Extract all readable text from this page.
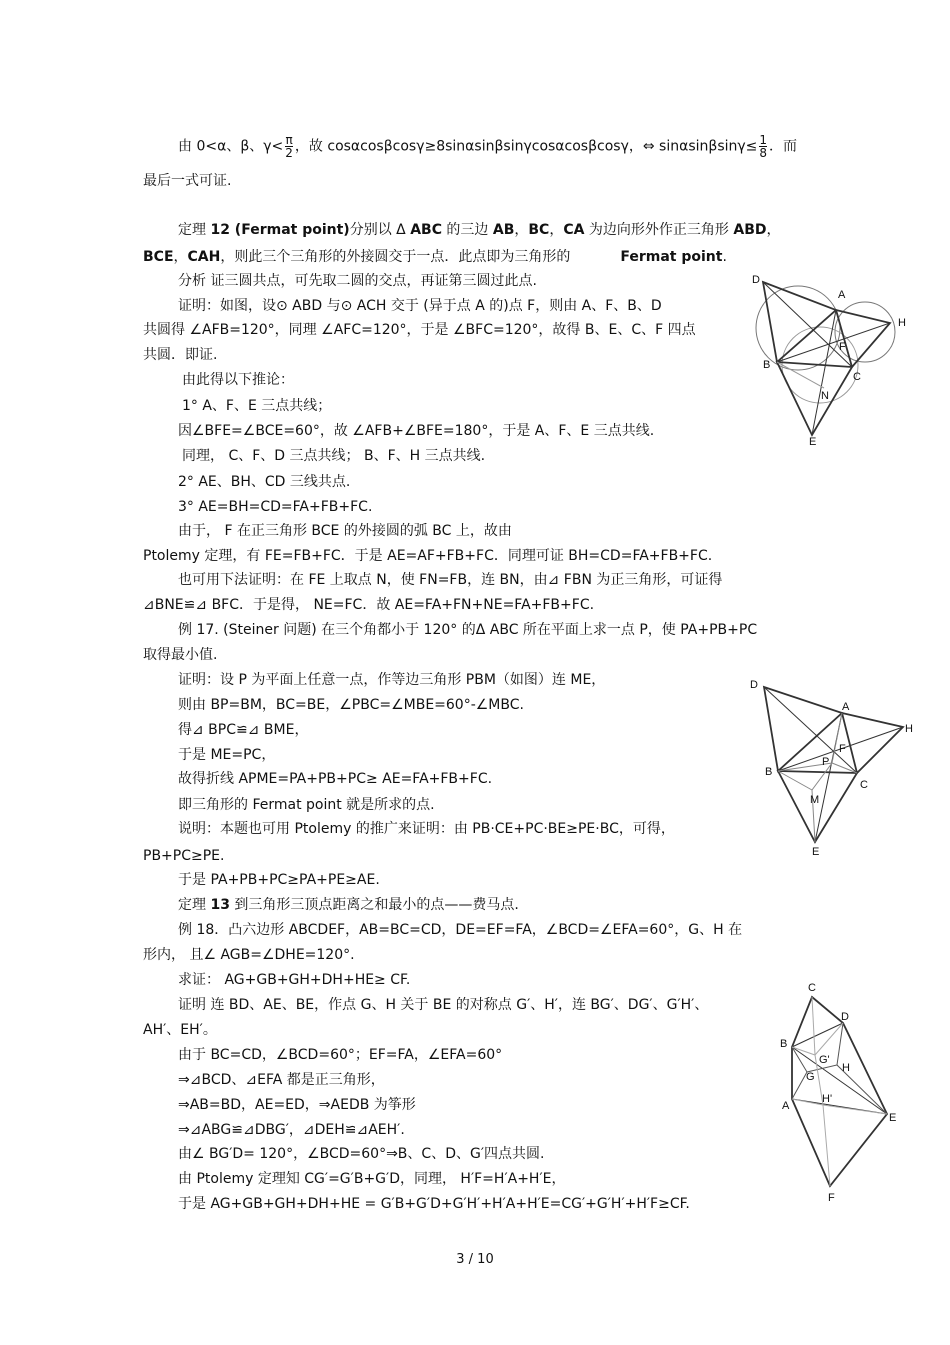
由 0<α、β、$\gamma< \frac{\pi}{2}$ ，故 cosαcosβcosγ≥8sinαsinβsinγcosαcosβcosγ，⇔ $\sin\alpha\sin\beta\sin\gamma\le \frac{1}{8}$ ．而
最后一式可证.
定理 12 (Fermat point)分别以 Δ ABC 的三边 AB，BC，CA 为边向形外作正三角形 ABD，
BCE，CAH，则此三个三角形的外接圆交于一点．此点即为三角形的	Fermat point.
分析 证三圆共点，可先取二圆的交点，再证第三圆过此点.
证明：如图，设⊙ ABD 与⊙ ACH 交于 (异于点 A 的)点 F，则由 A、F、B、D
共圆得 ∠AFB=120°，同理 ∠AFC=120°，于是 ∠BFC=120°，故得 B、E、C、F 四点
共圆．即证.
由此得以下推论：
1° A、F、E 三点共线；
因∠BFE=∠BCE=60°，故 ∠AFB+∠BFE=180°，于是 A、F、E 三点共线.
同理， C、F、D 三点共线； B、F、H 三点共线.
2° AE、BH、CD 三线共点.
3° AE=BH=CD=FA+FB+FC.
由于， F 在正三角形 BCE 的外接圆的弧 BC 上，故由
Ptolemy 定理，有 FE=FB+FC．于是 AE=AF+FB+FC．同理可证 BH=CD=FA+FB+FC.
也可用下法证明：在 FE 上取点 N，使 FN=FB，连 BN，由⊿ FBN 为正三角形，可证得
⊿BNE≌⊿ BFC．于是得， NE=FC．故 AE=FA+FN+NE=FA+FB+FC.
例 17. (Steiner 问题) 在三个角都小于 120° 的Δ ABC 所在平面上求一点 P，使 PA+PB+PC
取得最小值.
证明：设 P 为平面上任意一点，作等边三角形 PBM（如图）连 ME，
则由 BP=BM，BC=BE，∠PBC=∠MBE=60°-∠MBC.
得⊿ BPC≌⊿ BME，
于是 ME=PC，
故得折线 APME=PA+PB+PC≥ AE=FA+FB+FC.
即三角形的 Fermat point 就是所求的点.
说明：本题也可用 Ptolemy 的推广来证明：由 PB·CE+PC·BE≥PE·BC，可得，
PB+PC≥PE.
于是 PA+PB+PC≥PA+PE≥AE.
定理 13 到三角形三顶点距离之和最小的点——费马点.
例 18．凸六边形 ABCDEF，AB=BC=CD，DE=EF=FA，∠BCD=∠EFA=60°，G、H 在
形内， 且∠ AGB=∠DHE=120°.
求证： AG+GB+GH+DH+HE≥ CF.
证明 连 BD、AE、BE，作点 G、H 关于 BE 的对称点 G′、H′，连 BG′、DG′、G′H′、
AH′、EH′。
由于 BC=CD，∠BCD=60°；EF=FA，∠EFA=60°
⇒⊿BCD、⊿EFA 都是正三角形，
⇒AB=BD，AE=ED，⇒AEDB 为筝形
⇒⊿ABG≌⊿DBG′，⊿DEH≌⊿AEH′.
由∠ BG′D= 120°，∠BCD=60°⇒B、C、D、G′四点共圆.
由 Ptolemy 定理知 CG′=G′B+G′D，同理， H′F=H′A+H′E，
于是 AG+GB+GH+DH+HE = G′B+G′D+G′H′+H′A+H′E=CG′+G′H′+H′F≥CF.
D
A
H
F
B
C
N
E
D
A
H
F
P
B
C
M
E
C
D
B
G'
H
G
A
H'
E
F
3 / 10
